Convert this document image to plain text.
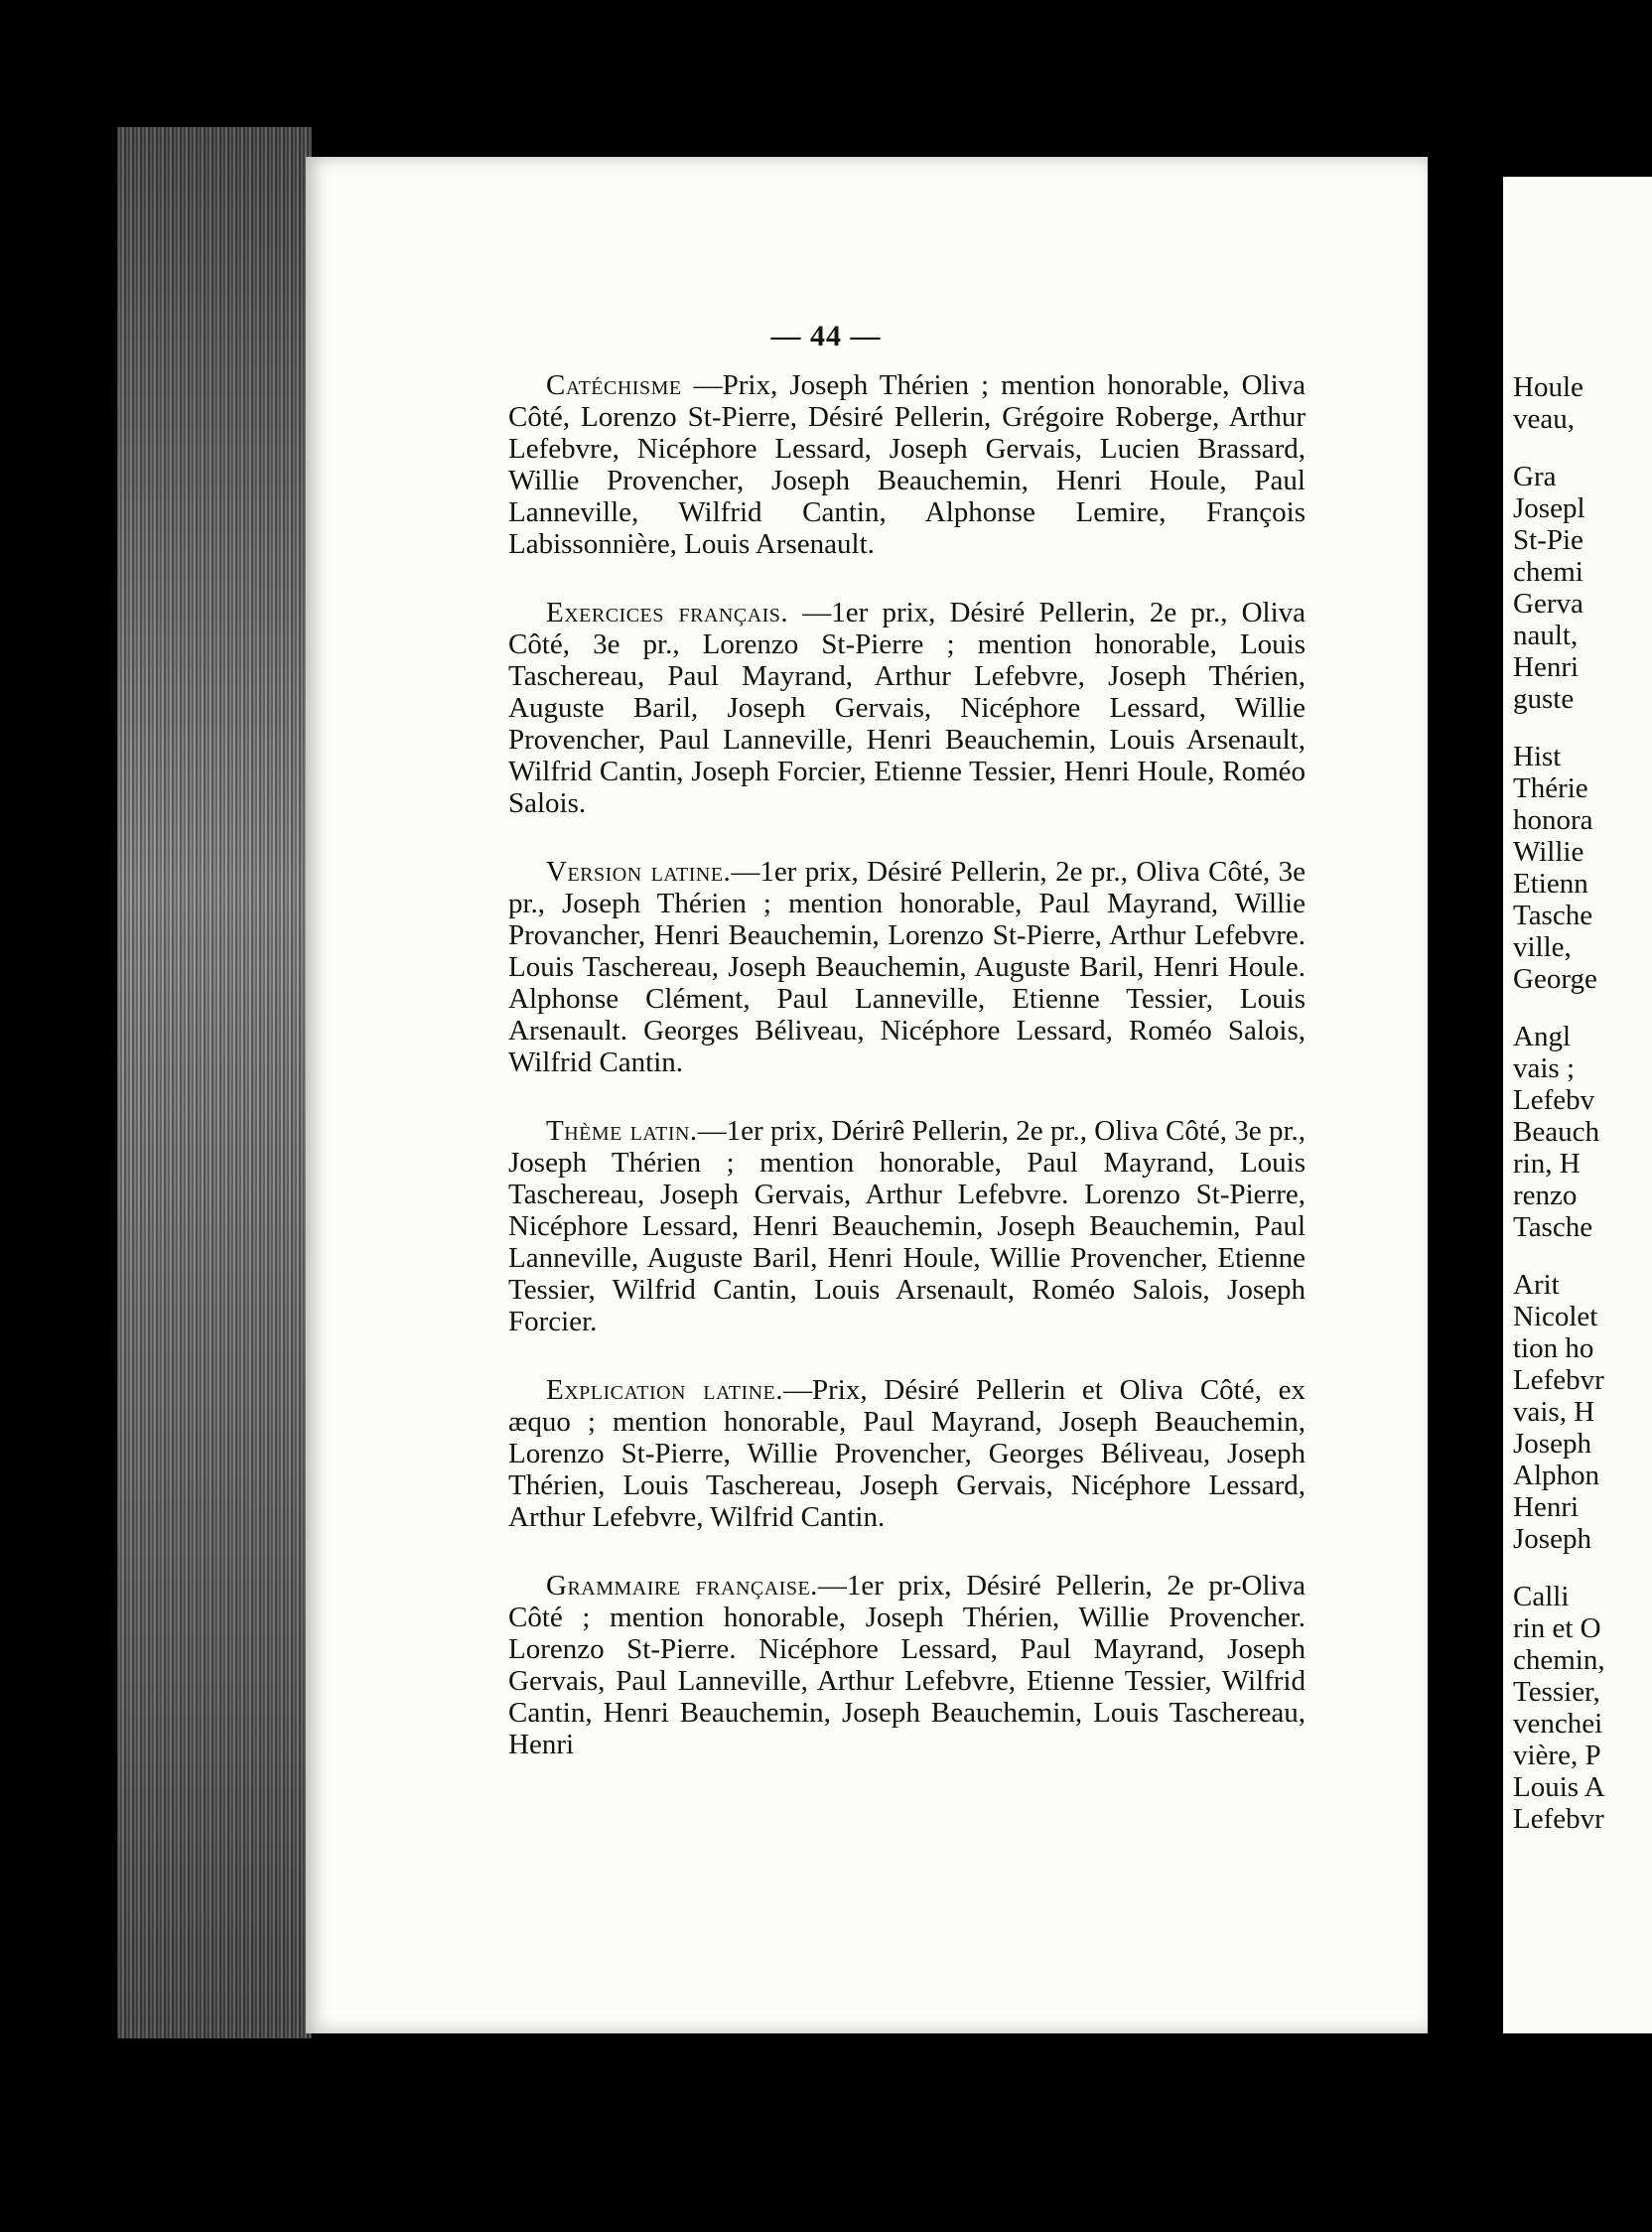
Houle
veau,
Gra
Josepl
St-Pie
chemi
Gerva
nault,
Henri
guste
Hist
Thérie
honora
Willie
Etienn
Tasche
ville,
George
Angl
vais ;
Lefebv
Beauch
rin, H
renzo
Tasche
Arit
Nicolet
tion ho
Lefebvr
vais, H
Joseph
Alphon
Henri
Joseph
Calli
rin et O
chemin,
Tessier,
venchei
vière, P
Louis A
Lefebvr
— 44 —

Catéchisme —Prix, Joseph Thérien ; mention honorable, Oliva Côté, Lorenzo St-Pierre, Désiré Pellerin, Grégoire Roberge, Arthur Lefebvre, Nicéphore Lessard, Joseph Gervais, Lucien Brassard, Willie Provencher, Joseph Beauchemin, Henri Houle, Paul Lanneville, Wilfrid Cantin, Alphonse Lemire, François Labissonnière, Louis Arsenault.

Exercices français. —1er prix, Désiré Pellerin, 2e pr., Oliva Côté, 3e pr., Lorenzo St-Pierre ; mention honorable, Louis Taschereau, Paul Mayrand, Arthur Lefebvre, Joseph Thérien, Auguste Baril, Joseph Gervais, Nicéphore Lessard, Willie Provencher, Paul Lanneville, Henri Beauchemin, Louis Arsenault, Wilfrid Cantin, Joseph Forcier, Etienne Tessier, Henri Houle, Roméo Salois.

Version latine.—1er prix, Désiré Pellerin, 2e pr., Oliva Côté, 3e pr., Joseph Thérien ; mention honorable, Paul Mayrand, Willie Provancher, Henri Beauchemin, Lorenzo St-Pierre, Arthur Lefebvre. Louis Taschereau, Joseph Beauchemin, Auguste Baril, Henri Houle. Alphonse Clément, Paul Lanneville, Etienne Tessier, Louis Arsenault. Georges Béliveau, Nicéphore Lessard, Roméo Salois, Wilfrid Cantin.

Thème latin.—1er prix, Dérirê Pellerin, 2e pr., Oliva Côté, 3e pr., Joseph Thérien ; mention honorable, Paul Mayrand, Louis Taschereau, Joseph Gervais, Arthur Lefebvre. Lorenzo St-Pierre, Nicéphore Lessard, Henri Beauchemin, Joseph Beauchemin, Paul Lanneville, Auguste Baril, Henri Houle, Willie Provencher, Etienne Tessier, Wilfrid Cantin, Louis Arsenault, Roméo Salois, Joseph Forcier.

Explication latine.—Prix, Désiré Pellerin et Oliva Côté, ex æquo ; mention honorable, Paul Mayrand, Joseph Beauchemin, Lorenzo St-Pierre, Willie Provencher, Georges Béliveau, Joseph Thérien, Louis Taschereau, Joseph Gervais, Nicéphore Lessard, Arthur Lefebvre, Wilfrid Cantin.

Grammaire française.—1er prix, Désiré Pellerin, 2e pr-Oliva Côté ; mention honorable, Joseph Thérien, Willie Provencher. Lorenzo St-Pierre. Nicéphore Lessard, Paul Mayrand, Joseph Gervais, Paul Lanneville, Arthur Lefebvre, Etienne Tessier, Wilfrid Cantin, Henri Beauchemin, Joseph Beauchemin, Louis Taschereau, Henri
